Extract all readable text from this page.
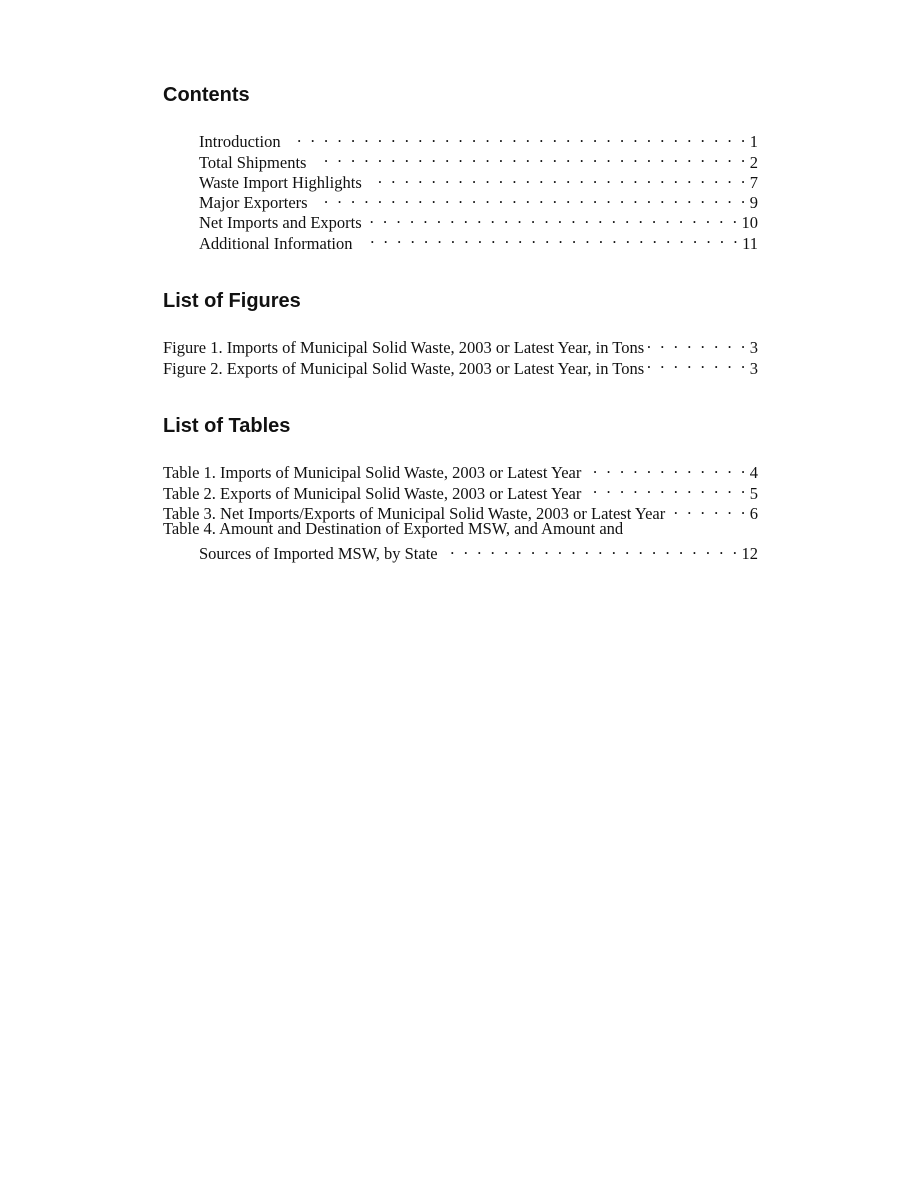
Contents
Introduction . . .	1
Total Shipments . . .	2
Waste Import Highlights . . .	7
Major Exporters . . .	9
Net Imports and Exports . . .	10
Additional Information . . .	11
List of Figures
Figure 1. Imports of Municipal Solid Waste, 2003 or Latest Year, in Tons . . .	3
Figure 2. Exports of Municipal Solid Waste, 2003 or Latest Year, in Tons . . .	3
List of Tables
Table 1. Imports of Municipal Solid Waste, 2003 or Latest Year . . .	4
Table 2. Exports of Municipal Solid Waste, 2003 or Latest Year . . .	5
Table 3. Net Imports/Exports of Municipal Solid Waste, 2003 or Latest Year . . .	6
Table 4. Amount and Destination of Exported MSW, and Amount and
Sources of Imported MSW, by State . . .	12
